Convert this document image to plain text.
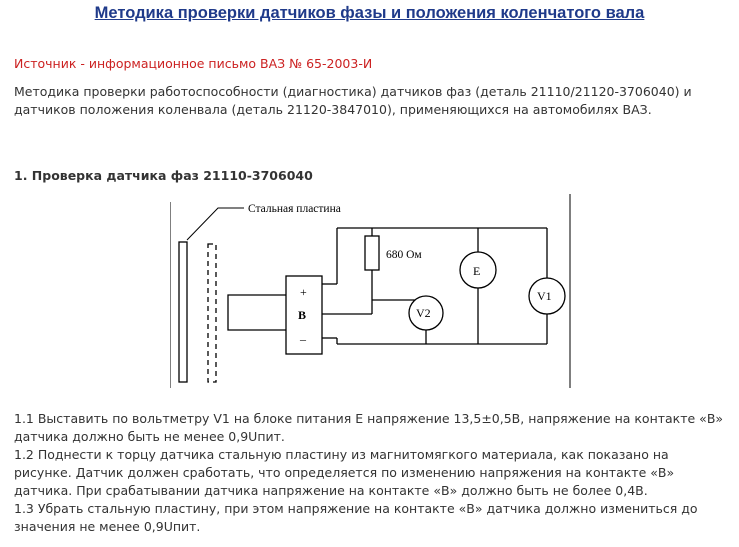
Методика проверки датчиков фазы и положения коленчатого вала
Источник - информационное письмо ВАЗ № 65-2003-И
Методика проверки работоспособности (диагностика) датчиков фаз (деталь 21110/21120-3706040) и датчиков положения коленвала (деталь 21120-3847010), применяющихся на автомобилях ВАЗ.
1. Проверка датчика фаз 21110-3706040
Стальная пластина
680 Ом
+
B
–
E
V2
V1

1.1 Выставить по вольтметру V1 на блоке питания E напряжение 13,5±0,5В, напряжение на контакте «В» датчика должно быть не менее 0,9Uпит.

1.2 Поднести к торцу датчика стальную пластину из магнитомягкого материала, как показано на рисунке. Датчик должен сработать, что определяется по изменению напряжения на контакте «В» датчика. При срабатывании датчика напряжение на контакте «В» должно быть не более 0,4В.

1.3 Убрать стальную пластину, при этом напряжение на контакте «В» датчика должно измениться до значения не менее 0,9Uпит.
